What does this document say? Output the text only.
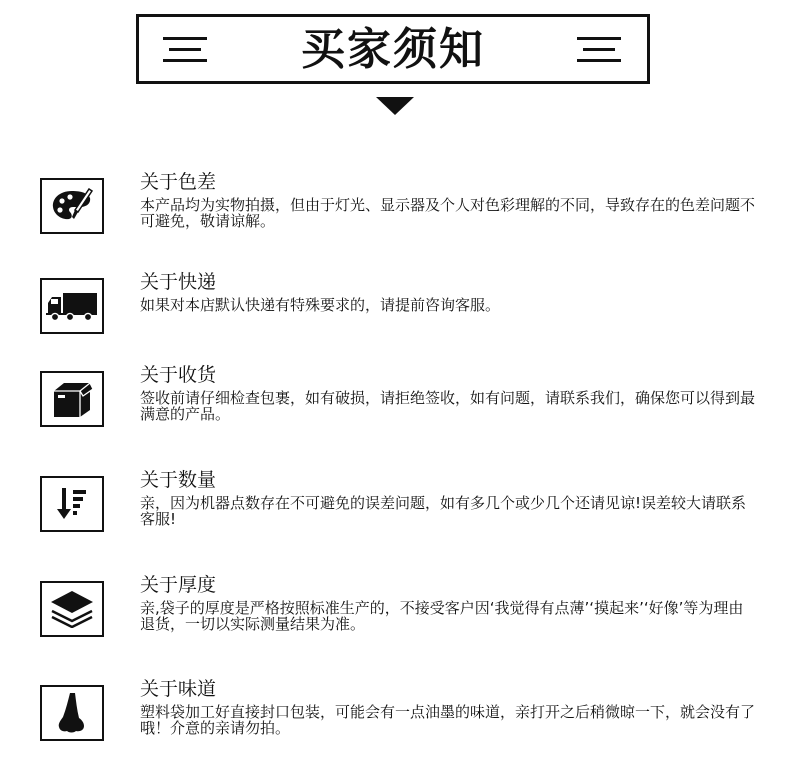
买家须知
关于色差
本产品均为实物拍摄，但由于灯光、显示器及个人对色彩理解的不同，导致存在的色差问题不可避免，敬请谅解。
关于快递
如果对本店默认快递有特殊要求的，请提前咨询客服。
关于收货
签收前请仔细检查包裹，如有破损，请拒绝签收，如有问题，请联系我们，确保您可以得到最满意的产品。
关于数量
亲，因为机器点数存在不可避免的误差问题，如有多几个或少几个还请见谅!误差较大请联系客服!
关于厚度
亲,袋子的厚度是严格按照标准生产的，不接受客户因‘我觉得有点薄’‘摸起来’‘好像’等为理由退货，一切以实际测量结果为准。
关于味道
塑料袋加工好直接封口包装，可能会有一点油墨的味道，亲打开之后稍微晾一下，就会没有了哦！介意的亲请勿拍。
